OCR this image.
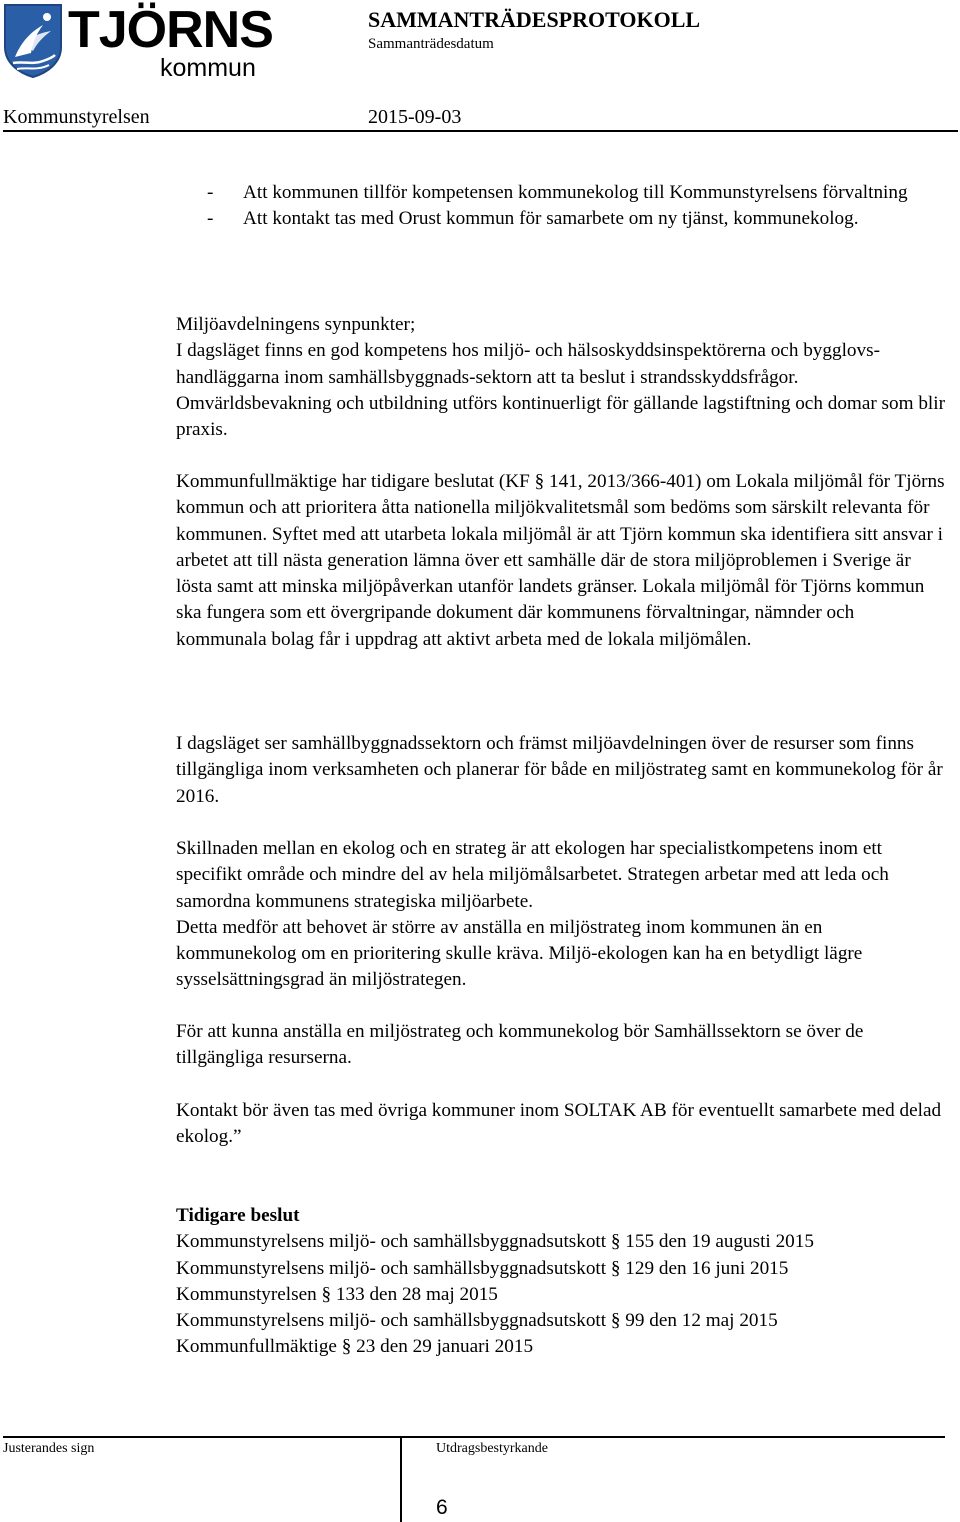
TJÖRNS
kommun
SAMMANTRÄDESPROTOKOLL
Sammanträdesdatum
Kommunstyrelsen	2015-09-03
-	Att kommunen tillför kompetensen kommunekolog till Kommunstyrelsens förvaltning
-	Att kontakt tas med Orust kommun för samarbete om ny tjänst, kommunekolog.

Miljöavdelningens synpunkter;

I dagsläget finns en god kompetens hos miljö- och hälsoskyddsinspektörerna och bygglovs-handläggarna inom samhällsbyggnads-sektorn att ta beslut i strandsskyddsfrågor. Omvärldsbevakning och utbildning utförs kontinuerligt för gällande lagstiftning och domar som blir praxis.

Kommunfullmäktige har tidigare beslutat (KF § 141, 2013/366-401) om Lokala miljömål för Tjörns kommun och att prioritera åtta nationella miljökvalitetsmål som bedöms som särskilt relevanta för kommunen. Syftet med att utarbeta lokala miljömål är att Tjörn kommun ska identifiera sitt ansvar i arbetet att till nästa generation lämna över ett samhälle där de stora miljöproblemen i Sverige är lösta samt att minska miljöpåverkan utanför landets gränser. Lokala miljömål för Tjörns kommun ska fungera som ett övergripande dokument där kommunens förvaltningar, nämnder och kommunala bolag får i uppdrag att aktivt arbeta med de lokala miljömålen.

I dagsläget ser samhällbyggnadssektorn och främst miljöavdelningen över de resurser som finns tillgängliga inom verksamheten och planerar för både en miljöstrateg samt en kommunekolog för år 2016.

Skillnaden mellan en ekolog och en strateg är att ekologen har specialistkompetens inom ett specifikt område och mindre del av hela miljömålsarbetet. Strategen arbetar med att leda och samordna kommunens strategiska miljöarbete.

Detta medför att behovet är större av anställa en miljöstrateg inom kommunen än en kommunekolog om en prioritering skulle kräva. Miljö-ekologen kan ha en betydligt lägre sysselsättningsgrad än miljöstrategen.

För att kunna anställa en miljöstrateg och kommunekolog bör Samhällssektorn se över de tillgängliga resurserna.

Kontakt bör även tas med övriga kommuner inom SOLTAK AB för eventuellt samarbete med delad ekolog.”

Tidigare beslut

Kommunstyrelsens miljö- och samhällsbyggnadsutskott § 155 den 19 augusti 2015

Kommunstyrelsens miljö- och samhällsbyggnadsutskott § 129 den 16 juni 2015

Kommunstyrelsen § 133 den 28 maj 2015

Kommunstyrelsens miljö- och samhällsbyggnadsutskott § 99 den 12 maj 2015

Kommunfullmäktige § 23 den 29 januari 2015

Justerandes sign	Utdragsbestyrkande
6
